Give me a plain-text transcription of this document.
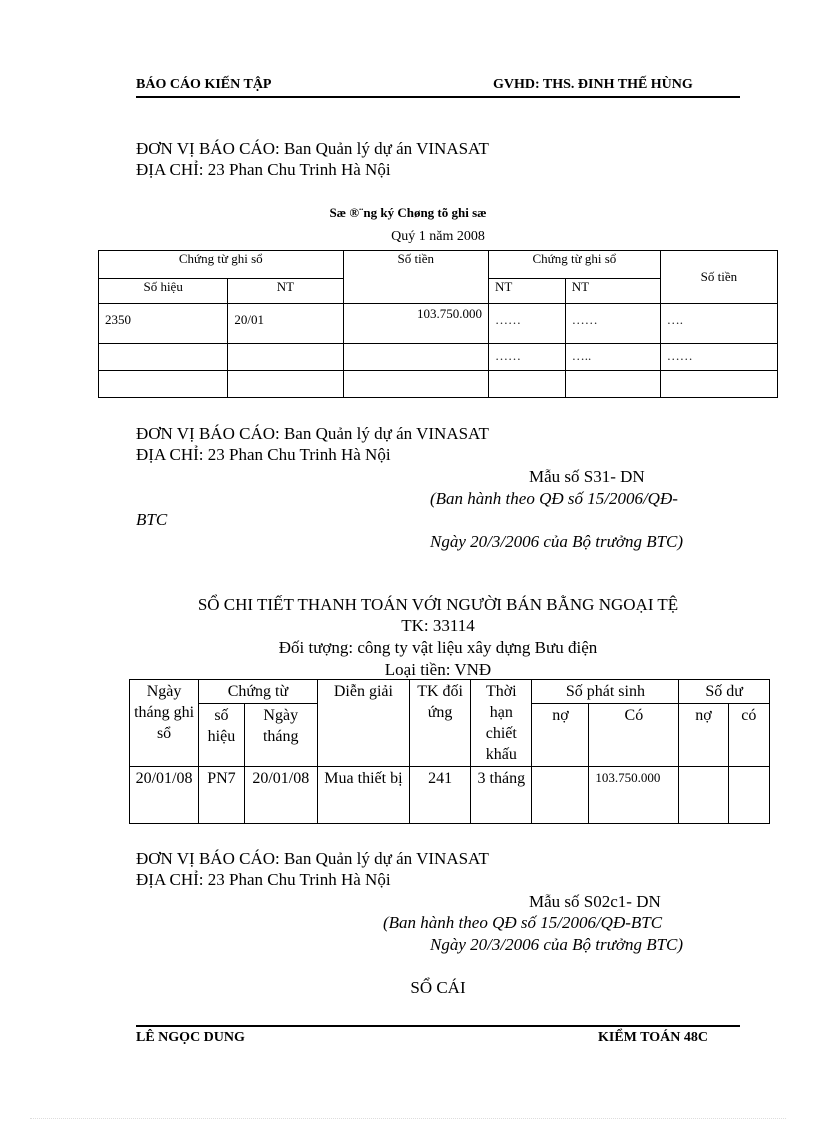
BÁO CÁO KIẾN TẬP	GVHD: THS. ĐINH THẾ HÙNG
ĐƠN VỊ BÁO CÁO: Ban Quản lý dự án VINASAT
ĐỊA CHỈ: 23 Phan Chu Trinh Hà Nội
Sæ ®¨ng ký Chøng tõ ghi sæ
Quý 1 năm 2008
Chứng từ ghi sổ		Số tiền	Chứng từ ghi sổ		Số tiền
Số hiệu	NT		NT	NT	
2350	20/01	103.750.000	……	……	….
			……	…..	……

ĐƠN VỊ BÁO CÁO: Ban Quản lý dự án VINASAT
ĐỊA CHỈ: 23 Phan Chu Trinh Hà Nội
Mẫu số S31- DN
(Ban hành theo QĐ số 15/2006/QĐ-
BTC
Ngày 20/3/2006 của Bộ trưởng BTC)
SỔ CHI TIẾT THANH TOÁN VỚI NGƯỜI BÁN BẰNG NGOẠI TỆ
TK: 33114
Đối tượng: công ty vật liệu xây dựng Bưu điện
Loại tiền: VNĐ
Ngày tháng ghi sổ	Chứng từ		Diễn giải	TK đối ứng	Thời hạn chiết khấu	Số phát sinh		Số dư	
	số hiệu	Ngày tháng				nợ	Có	nợ	có
20/01/08	PN7	20/01/08	Mua thiết bị	241	3 tháng		103.750.000		
ĐƠN VỊ BÁO CÁO: Ban Quản lý dự án VINASAT
ĐỊA CHỈ: 23 Phan Chu Trinh Hà Nội
Mẫu số S02c1- DN
(Ban hành theo QĐ số 15/2006/QĐ-BTC
Ngày 20/3/2006 của Bộ trưởng BTC)
SỔ CÁI
LÊ NGỌC DUNG	KIỂM TOÁN 48C
